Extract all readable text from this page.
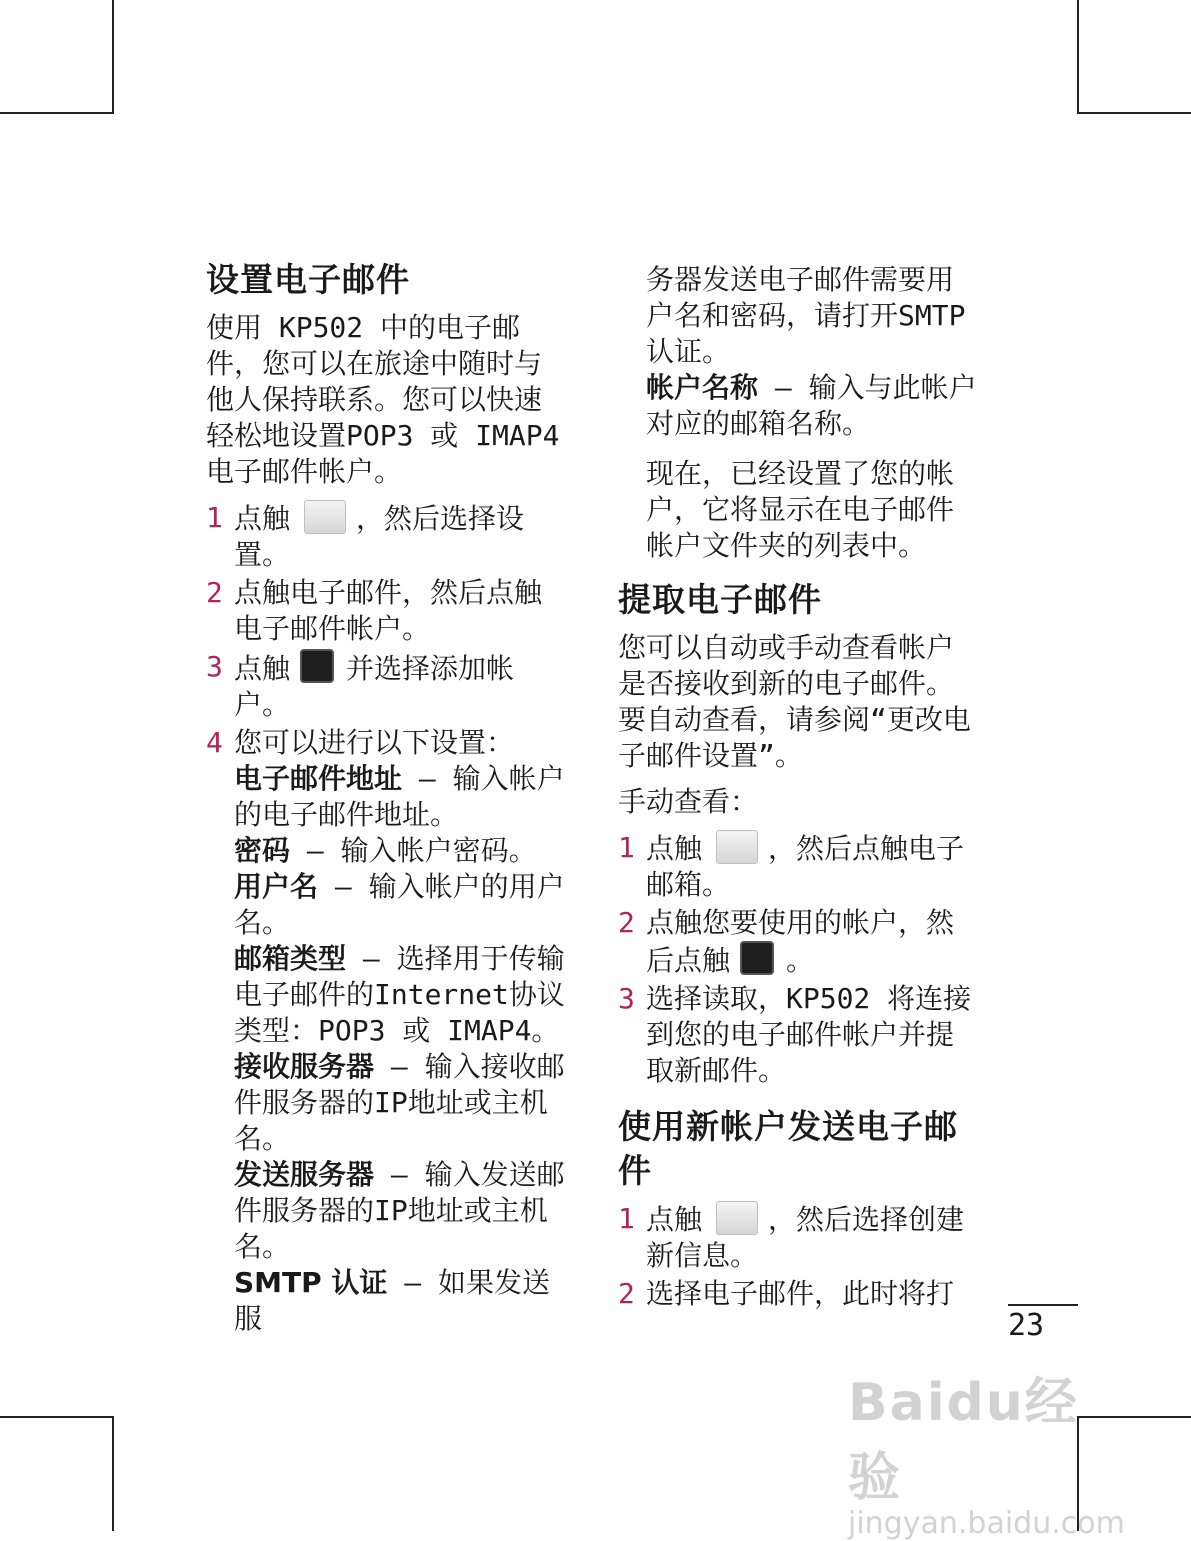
设置电子邮件

使用 KP502 中的电子邮件，您可以在旅途中随时与他人保持联系。您可以快速轻松地设置POP3 或 IMAP4 电子邮件帐户。

1 点触 ，然后选择设置。
2 点触电子邮件，然后点触电子邮件帐户。
3 点触 并选择添加帐户。
4 您可以进行以下设置：
电子邮件地址 – 输入帐户的电子邮件地址。
密码 – 输入帐户密码。
用户名 – 输入帐户的用户名。
邮箱类型 – 选择用于传输电子邮件的Internet协议类型：POP3 或 IMAP4。
接收服务器 – 输入接收邮件服务器的IP地址或主机名。
发送服务器 – 输入发送邮件服务器的IP地址或主机名。
SMTP 认证 – 如果发送服
务器发送电子邮件需要用户名和密码，请打开SMTP认证。
帐户名称 – 输入与此帐户对应的邮箱名称。
现在，已经设置了您的帐户，它将显示在电子邮件帐户文件夹的列表中。
提取电子邮件

您可以自动或手动查看帐户是否接收到新的电子邮件。要自动查看，请参阅“更改电子邮件设置”。

手动查看：

1 点触 ，然后点触电子邮箱。
2 点触您要使用的帐户，然后点触 。
3 选择读取，KP502 将连接到您的电子邮件帐户并提取新邮件。
使用新帐户发送电子邮件
1 点触 ，然后选择创建新信息。
2 选择电子邮件，此时将打
23
Baidu经验
jingyan.baidu.com
